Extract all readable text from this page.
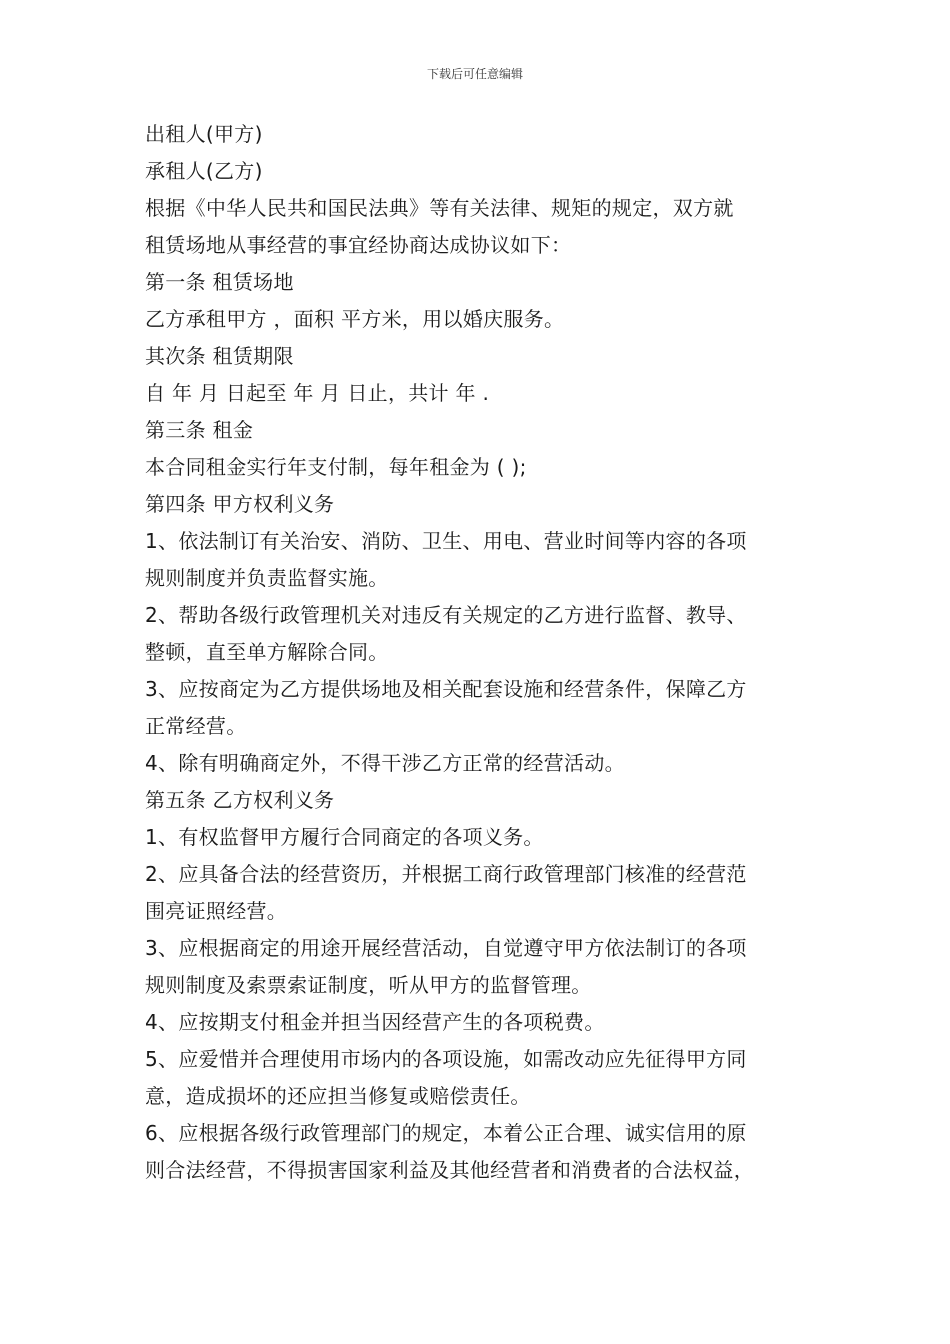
下载后可任意编辑
出租人(甲方)
承租人(乙方)
根据《中华人民共和国民法典》等有关法律、规矩的规定，双方就
租赁场地从事经营的事宜经协商达成协议如下：
第一条 租赁场地
乙方承租甲方 ，面积 平方米，用以婚庆服务。
其次条 租赁期限
自 年 月 日起至 年 月 日止，共计 年 .
第三条 租金
本合同租金实行年支付制，每年租金为 ( );
第四条 甲方权利义务
1、依法制订有关治安、消防、卫生、用电、营业时间等内容的各项
规则制度并负责监督实施。
2、帮助各级行政管理机关对违反有关规定的乙方进行监督、教导、
整顿，直至单方解除合同。
3、应按商定为乙方提供场地及相关配套设施和经营条件，保障乙方
正常经营。
4、除有明确商定外，不得干涉乙方正常的经营活动。
第五条 乙方权利义务
1、有权监督甲方履行合同商定的各项义务。
2、应具备合法的经营资历，并根据工商行政管理部门核准的经营范
围亮证照经营。
3、应根据商定的用途开展经营活动，自觉遵守甲方依法制订的各项
规则制度及索票索证制度，听从甲方的监督管理。
4、应按期支付租金并担当因经营产生的各项税费。
5、应爱惜并合理使用市场内的各项设施，如需改动应先征得甲方同
意，造成损坏的还应担当修复或赔偿责任。
6、应根据各级行政管理部门的规定，本着公正合理、诚实信用的原
则合法经营，不得损害国家利益及其他经营者和消费者的合法权益，
